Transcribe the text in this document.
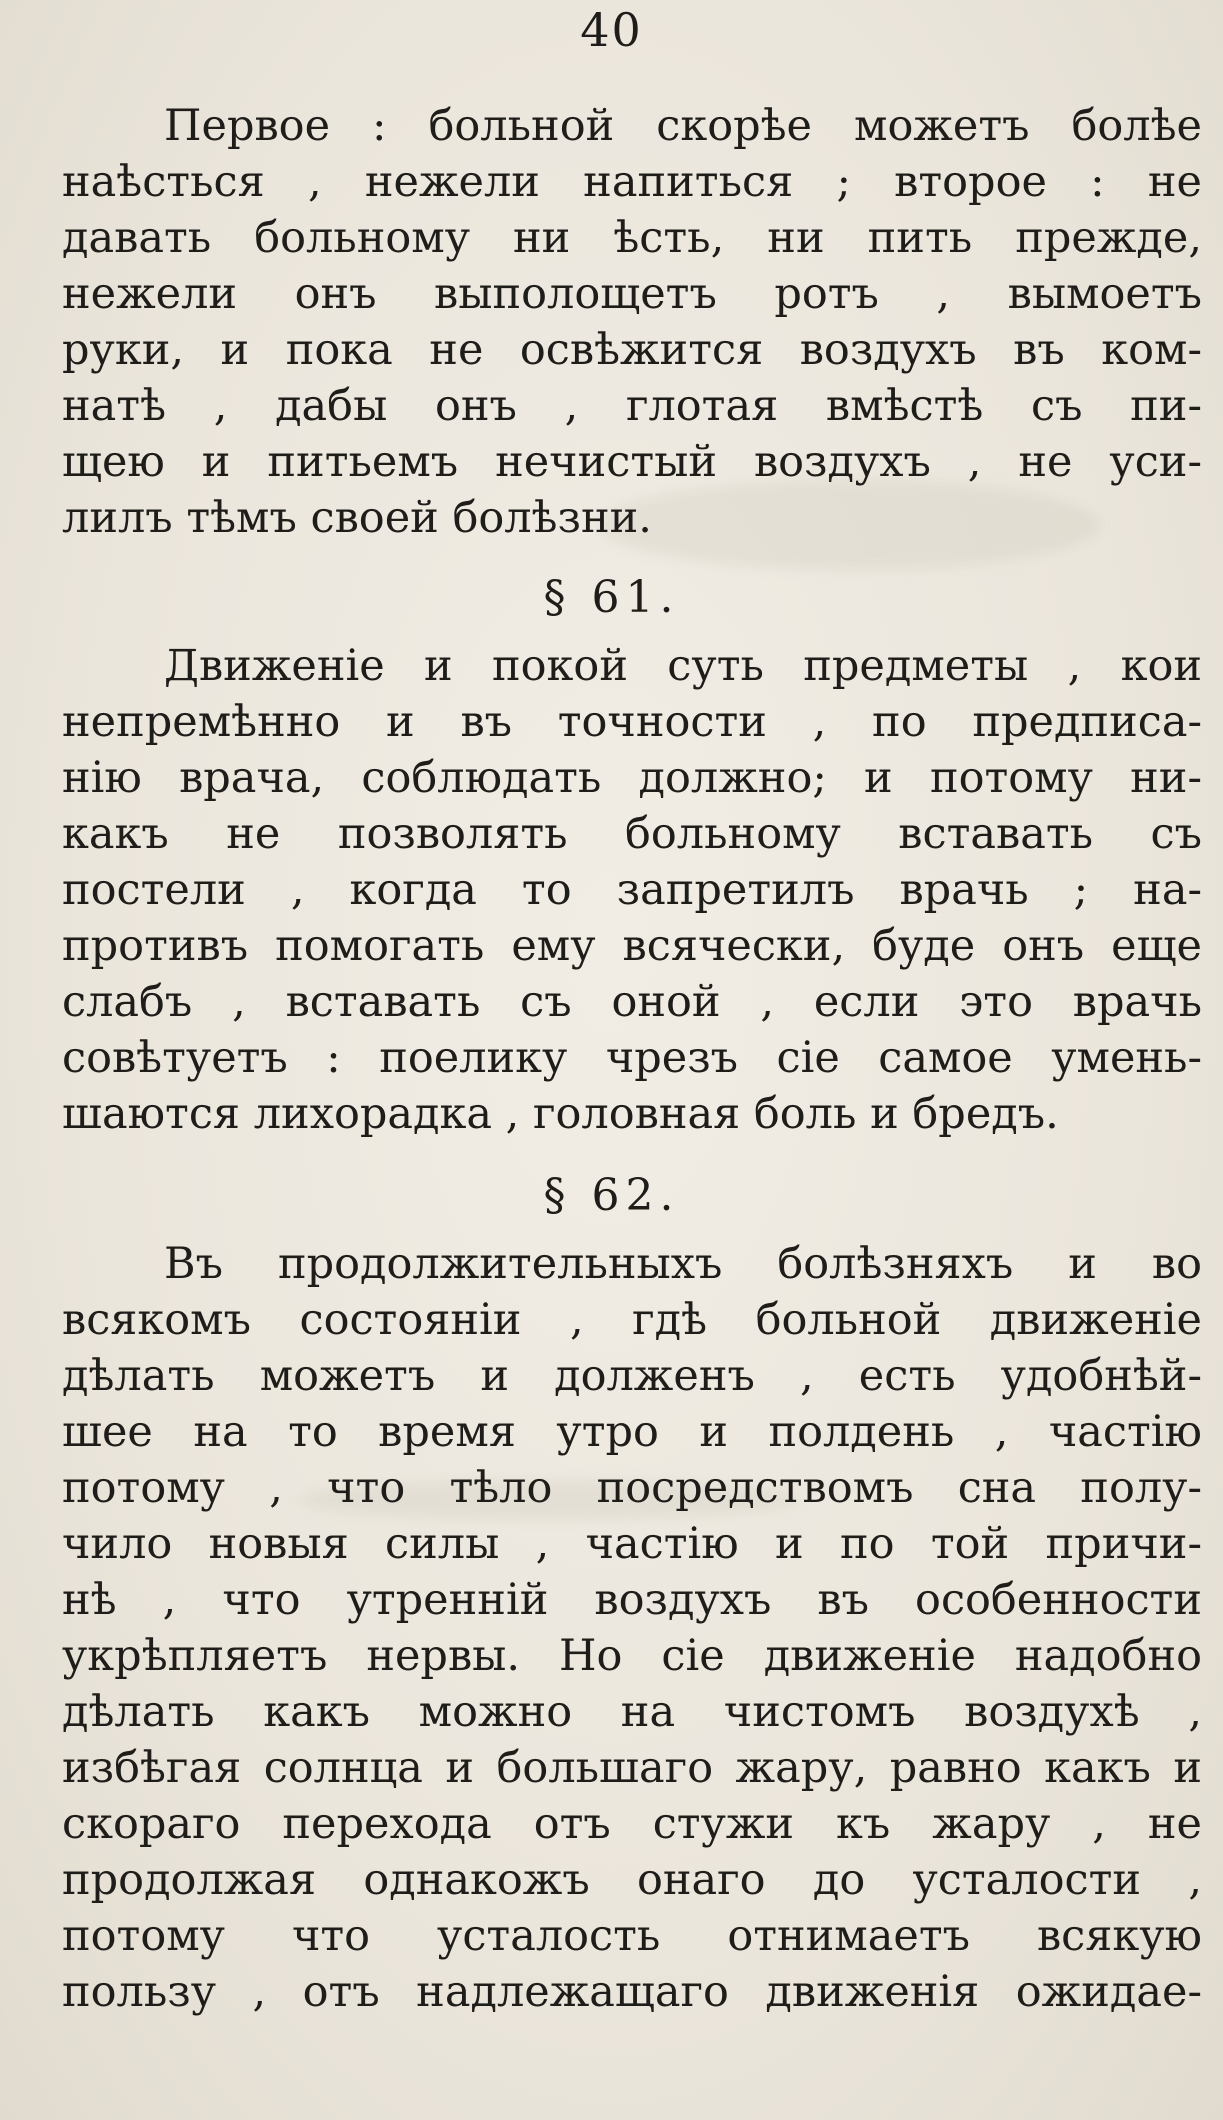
40
Первое : больной скорѣе можетъ болѣе
наѣсться , нежели напиться ; второе : не
давать больному ни ѣсть, ни пить прежде,
нежели онъ выполощетъ ротъ , вымоетъ
руки, и пока не освѣжится воздухъ въ ком-
натѣ , дабы онъ , глотая вмѣстѣ съ пи-
щею и питьемъ нечистый воздухъ , не уси-
лилъ тѣмъ своей болѣзни.
§ 61.
Движенiе и покой суть предметы , кои
непремѣнно и въ точности , по предписа-
нiю врача, соблюдать должно; и потому ни-
какъ не позволять больному вставать съ
постели , когда то запретилъ врачь ; на-
противъ помогать ему всячески, буде онъ еще
слабъ , вставать съ оной , если это врачь
совѣтуетъ : поелику чрезъ сiе самое умень-
шаются лихорадка , головная боль и бредъ.
§ 62.
Въ продолжительныхъ болѣзняхъ и во
всякомъ состоянiи , гдѣ больной движенiе
дѣлать можетъ и долженъ , есть удобнѣй-
шее на то время утро и полдень , частiю
потому , что тѣло посредствомъ сна полу-
чило новыя силы , частiю и по той причи-
нѣ , что утреннiй воздухъ въ особенности
укрѣпляетъ нервы. Но сiе движенiе надобно
дѣлать какъ можно на чистомъ воздухѣ ,
избѣгая солнца и большаго жару, равно какъ и
скораго перехода отъ стужи къ жару , не
продолжая однакожъ онаго до усталости ,
потому что усталость отнимаетъ всякую
пользу , отъ надлежащаго движенiя ожидае-
